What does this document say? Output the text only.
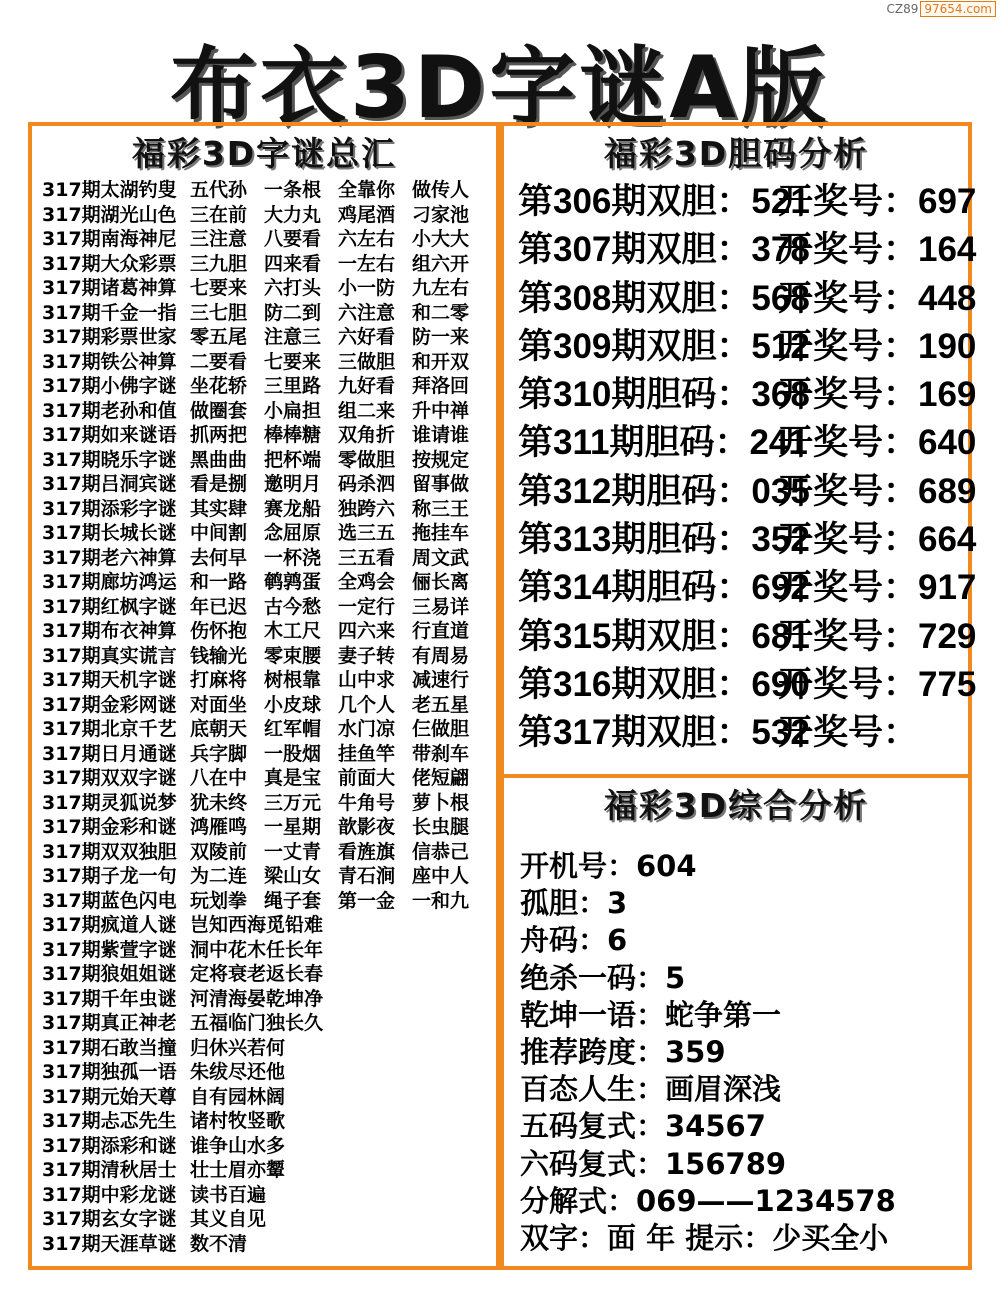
CZ89 97654.com
布衣3D字谜A版
福彩3D字谜总汇
317期太湖钓叟 五代孙 一条根 全靠你 做传人
317期湖光山色 三在前 大力丸 鸡尾酒 刁家池
317期南海神尼 三注意 八要看 六左右 小大大
317期大众彩票 三九胆 四来看 一左右 组六开
317期诸葛神算 七要来 六打头 小一防 九左右
317期千金一指 三七胆 防二到 六注意 和二零
317期彩票世家 零五尾 注意三 六好看 防一来
317期铁公神算 二要看 七要来 三做胆 和开双
317期小佛字谜 坐花轿 三里路 九好看 拜洛回
317期老孙和值 做圈套 小扁担 组二来 升中禅
317期如来谜语 抓两把 棒棒糖 双角折 谁请谁
317期晓乐字谜 黑曲曲 把杯端 零做胆 按规定
317期吕洞宾谜 看是捌 邀明月 码杀泗 留事做
317期添彩字谜 其实肆 赛龙船 独跨六 称三王
317期长城长谜 中间割 念屈原 选三五 拖挂车
317期老六神算 去何早 一杯浇 三五看 周文武
317期廊坊鸿运 和一路 鹌鹑蛋 全鸡会 俪长离
317期红枫字谜 年已迟 古今愁 一定行 三易详
317期布衣神算 伤怀抱 木工尺 四六来 行直道
317期真实谎言 钱输光 零束腰 妻子转 有周易
317期天机字谜 打麻将 树根靠 山中求 减速行
317期金彩网谜 对面坐 小皮球 几个人 老五星
317期北京千艺 底朝天 红军帽 水门凉 仨做胆
317期日月通谜 兵字脚 一股烟 挂鱼竿 带刹车
317期双双字谜 八在中 真是宝 前面大 佬短翩
317期灵狐说梦 犹未终 三万元 牛角号 萝卜根
317期金彩和谜 鸿雁鸣 一星期 歆影夜 长虫腿
317期双双独胆 双陵前 一丈青 看旌旗 信恭己
317期子龙一句 为二连 梁山女 青石涧 座中人
317期蓝色闪电 玩划拳 绳子套 第一金 一和九
317期疯道人谜 岂知西海觅铅难
317期紫萱字谜 洞中花木任长年
317期狼姐姐谜 定将衰老返长春
317期千年虫谜 河清海晏乾坤净
317期真正神老 五福临门独长久
317期石敢当撞 归休兴若何
317期独孤一语 朱绂尽还他
317期元始天尊 自有园林阔
317期忐忑先生 诸村牧竖歌
317期添彩和谜 谁争山水多
317期清秋居士 壮士眉亦颦
317期中彩龙谜 读书百遍
317期玄女字谜 其义自见
317期天涯草谜 数不清
福彩3D胆码分析
第306期双胆：521开奖号：697
第307期双胆：378开奖号：164
第308期双胆：568开奖号：448
第309期双胆：512开奖号：190
第310期胆码：368开奖号：169
第311期胆码：241开奖号：640
第312期胆码：035开奖号：689
第313期胆码：352开奖号：664
第314期胆码：692开奖号：917
第315期双胆：681开奖号：729
第316期双胆：690开奖号：775
第317期双胆：532开奖号：
福彩3D综合分析
开机号：604
孤胆：3
舟码：6
绝杀一码：5
乾坤一语：蛇争第一
推荐跨度：359
百态人生：画眉深浅
五码复式：34567
六码复式：156789
分解式：069——1234578
双字：面 年 提示：少买全小
